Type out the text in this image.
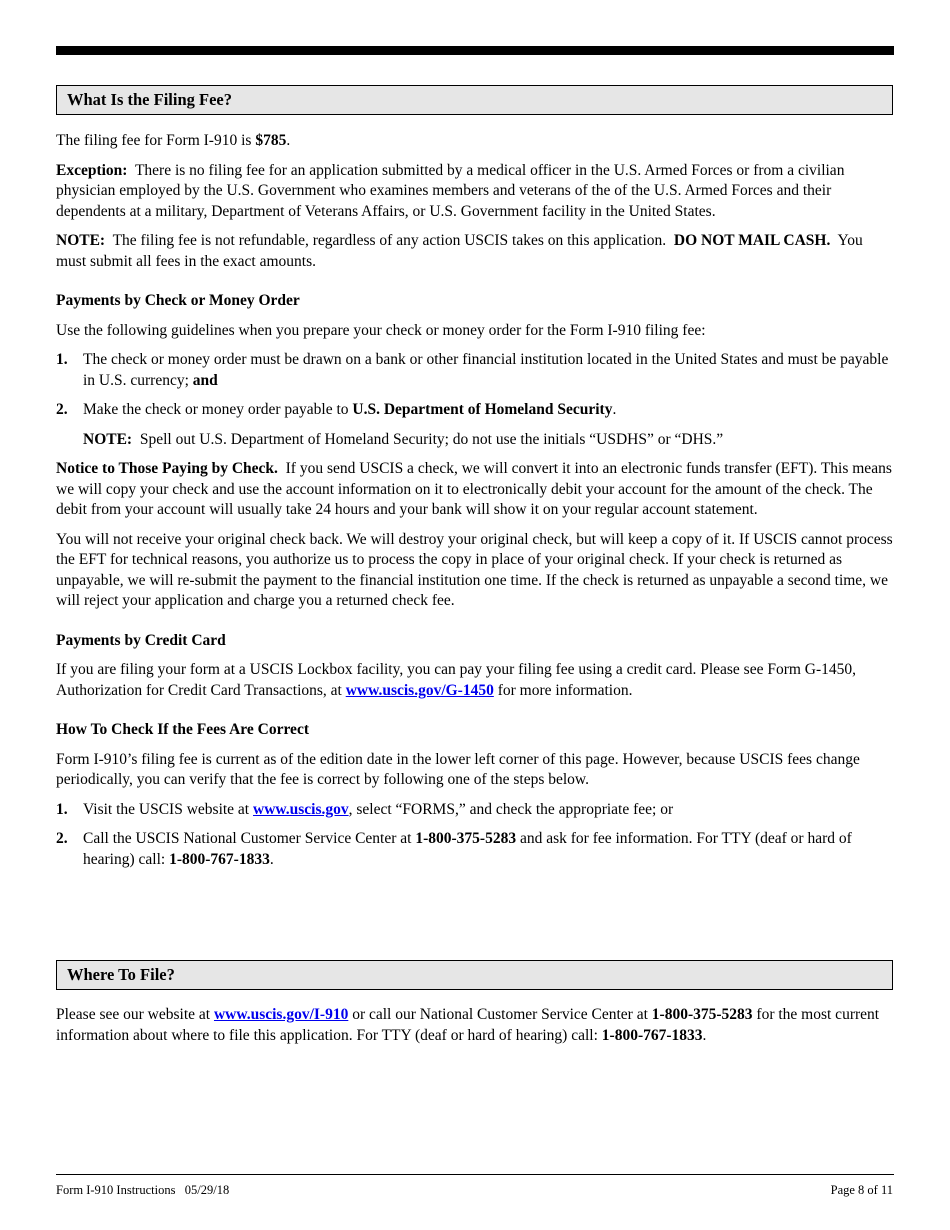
What Is the Filing Fee?

The filing fee for Form I-910 is $785.

Exception: There is no filing fee for an application submitted by a medical officer in the U.S. Armed Forces or from a civilian physician employed by the U.S. Government who examines members and veterans of the of the U.S. Armed Forces and their dependents at a military, Department of Veterans Affairs, or U.S. Government facility in the United States.

NOTE: The filing fee is not refundable, regardless of any action USCIS takes on this application. DO NOT MAIL CASH. You must submit all fees in the exact amounts.

Payments by Check or Money Order

Use the following guidelines when you prepare your check or money order for the Form I-910 filing fee:

1. The check or money order must be drawn on a bank or other financial institution located in the United States and must be payable in U.S. currency; and
2. Make the check or money order payable to U.S. Department of Homeland Security.

NOTE: Spell out U.S. Department of Homeland Security; do not use the initials “USDHS” or “DHS.”

Notice to Those Paying by Check. If you send USCIS a check, we will convert it into an electronic funds transfer (EFT). This means we will copy your check and use the account information on it to electronically debit your account for the amount of the check. The debit from your account will usually take 24 hours and your bank will show it on your regular account statement.

You will not receive your original check back. We will destroy your original check, but will keep a copy of it. If USCIS cannot process the EFT for technical reasons, you authorize us to process the copy in place of your original check. If your check is returned as unpayable, we will re-submit the payment to the financial institution one time. If the check is returned as unpayable a second time, we will reject your application and charge you a returned check fee.

Payments by Credit Card

If you are filing your form at a USCIS Lockbox facility, you can pay your filing fee using a credit card. Please see Form G-1450, Authorization for Credit Card Transactions, at www.uscis.gov/G-1450 for more information.

How To Check If the Fees Are Correct

Form I-910’s filing fee is current as of the edition date in the lower left corner of this page. However, because USCIS fees change periodically, you can verify that the fee is correct by following one of the steps below.

1. Visit the USCIS website at www.uscis.gov, select “FORMS,” and check the appropriate fee; or
2. Call the USCIS National Customer Service Center at 1-800-375-5283 and ask for fee information. For TTY (deaf or hard of hearing) call: 1-800-767-1833.
Where To File?

Please see our website at www.uscis.gov/I-910 or call our National Customer Service Center at 1-800-375-5283 for the most current information about where to file this application. For TTY (deaf or hard of hearing) call: 1-800-767-1833.

Form I-910 Instructions   05/29/18	Page 8 of 11
